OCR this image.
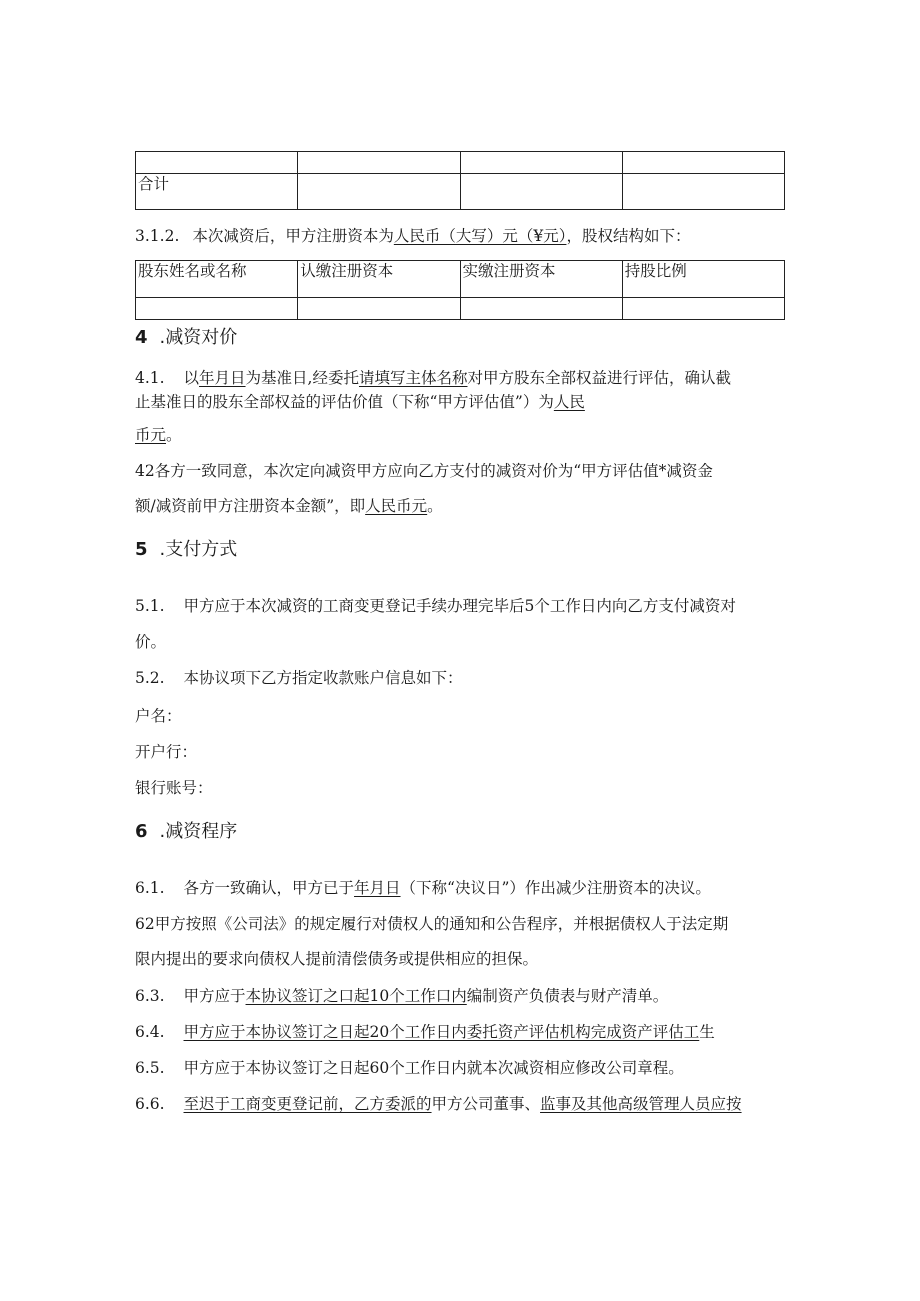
合计			
3.1.2. 本次减资后，甲方注册资本为人民币（大写）元（¥元），股权结构如下：
股东姓名或名称	认缴注册资本	实缴注册资本	持股比例

4 .减资对价
4.1. 以年月日为基准日,经委托请填写主体名称对甲方股东全部权益进行评估，确认截
止基准日的股东全部权益的评估价值（下称“甲方评估值”）为人民
币元。
42各方一致同意，本次定向减资甲方应向乙方支付的减资对价为“甲方评估值*减资金
额/减资前甲方注册资本金额”，即人民币元。
5 .支付方式
5.1. 甲方应于本次减资的工商变更登记手续办理完毕后5个工作日内向乙方支付减资对
价。
5.2. 本协议项下乙方指定收款账户信息如下：
户名：
开户行：
银行账号：
6 .减资程序
6.1. 各方一致确认，甲方已于年月日（下称“决议日”）作出减少注册资本的决议。
62甲方按照《公司法》的规定履行对债权人的通知和公告程序，并根据债权人于法定期
限内提出的要求向债权人提前清偿债务或提供相应的担保。
6.3. 甲方应于本协议签订之口起10个工作口内编制资产负债表与财产清单。
6.4. 甲方应于本协议签订之日起20个工作日内委托资产评估机构完成资产评估工生
6.5. 甲方应于本协议签订之日起60个工作日内就本次减资相应修改公司章程。
6.6. 至迟于工商变更登记前，乙方委派的甲方公司董事、监事及其他高级管理人员应按
